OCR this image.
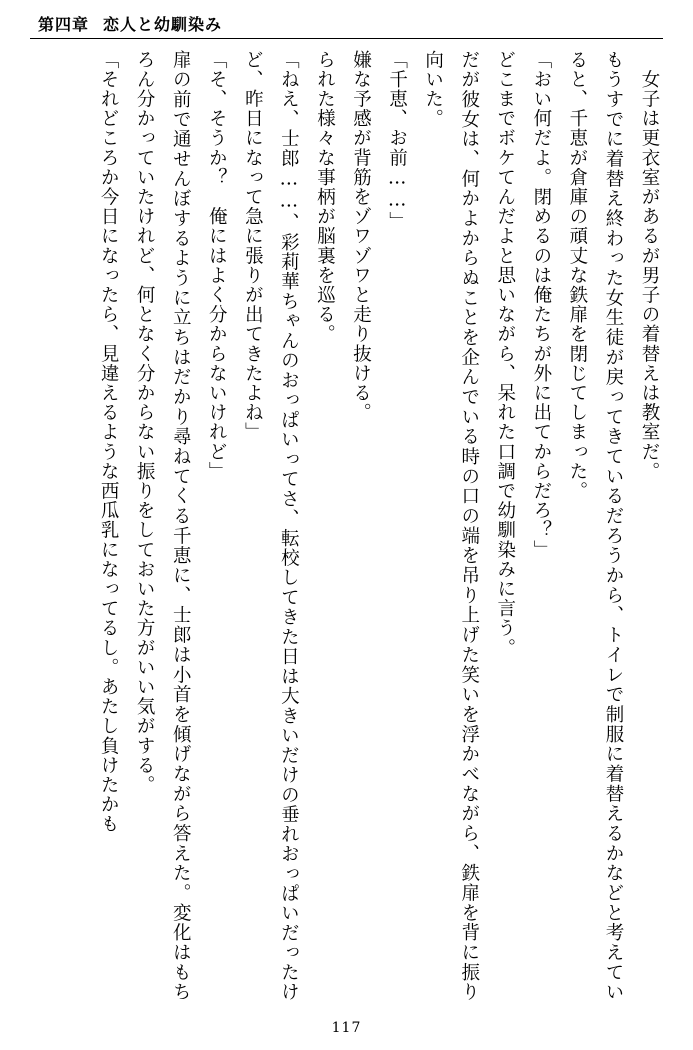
第四章 恋人と幼馴染み

　女子は更衣室があるが男子の着替えは教室だ。

もうすでに着替え終わった女生徒が戻ってきているだろうから、トイレで制服に着替えるかなどと考えていると、千恵が倉庫の頑丈な鉄扉を閉じてしまった。

「おい何だよ。閉めるのは俺たちが外に出てからだろ？」

どこまでボケてんだよと思いながら、呆れた口調で幼馴染みに言う。

だが彼女は、何かよからぬことを企んでいる時の口の端を吊り上げた笑いを浮かべながら、鉄扉を背に振り向いた。

「千恵、お前……」

嫌な予感が背筋をゾワゾワと走り抜ける。

られた様々な事柄が脳裏を巡る。

「ねえ、士郎……、彩莉華ちゃんのおっぱいってさ、転校してきた日は大きいだけの垂れおっぱいだったけど、昨日になって急に張りが出てきたよね」

「そ、そうか？　俺にはよく分からないけれど」

扉の前で通せんぼするように立ちはだかり尋ねてくる千恵に、士郎は小首を傾げながら答えた。変化はもちろん分かっていたけれど、何となく分からない振りをしておいた方がいい気がする。

「それどころか今日になったら、見違えるような西瓜乳になってるし。あたし負けたかも

117
